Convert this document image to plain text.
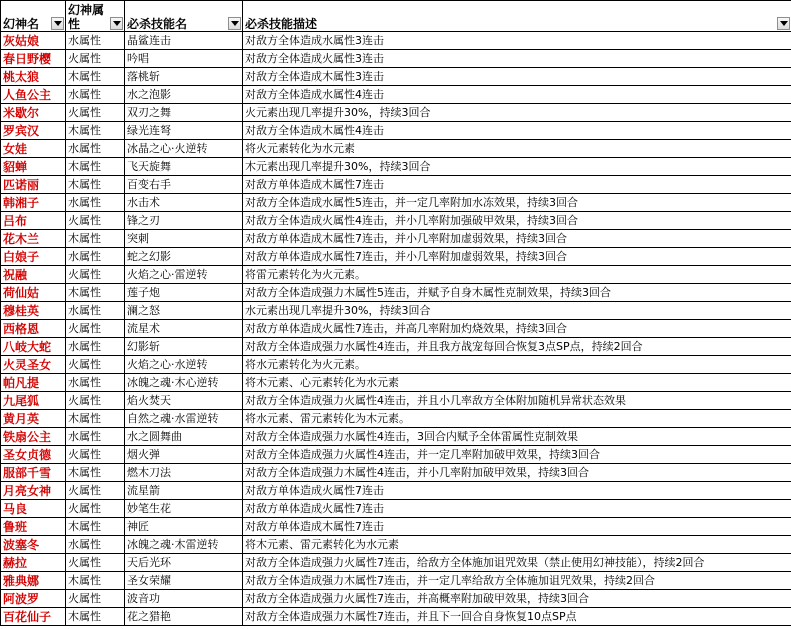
幻神名	幻神属性	必杀技能名	必杀技能描述

灰姑娘	水属性	晶鲨连击	对敌方全体造成水属性3连击
春日野樱	火属性	吟唱	对敌方全体造成火属性3连击
桃太狼	木属性	落桃斩	对敌方全体造成木属性3连击
人鱼公主	水属性	水之泡影	对敌方全体造成水属性4连击
米歇尔	火属性	双刃之舞	火元素出现几率提升30%，持续3回合
罗宾汉	木属性	绿光连弩	对敌方全体造成木属性4连击
女娃	水属性	冰晶之心·火逆转	将火元素转化为水元素
貂蝉	木属性	飞天旋舞	木元素出现几率提升30%，持续3回合
匹诺丽	木属性	百变右手	对敌方单体造成木属性7连击
韩湘子	水属性	水击术	对敌方全体造成水属性5连击，并一定几率附加水冻效果，持续3回合
吕布	火属性	锋之刃	对敌方全体造成火属性4连击，并小几率附加强破甲效果，持续3回合
花木兰	木属性	突刺	对敌方单体造成木属性7连击，并小几率附加虚弱效果，持续3回合
白娘子	水属性	蛇之幻影	对敌方单体造成水属性7连击，并小几率附加虚弱效果，持续3回合
祝融	火属性	火焰之心·雷逆转	将雷元素转化为火元素。
荷仙姑	木属性	莲子炮	对敌方全体造成强力木属性5连击，并赋予自身木属性克制效果，持续3回合
穆桂英	水属性	澜之怒	水元素出现几率提升30%，持续3回合
西格恩	火属性	流星术	对敌方单体造成火属性7连击，并高几率附加灼烧效果，持续3回合
八岐大蛇	水属性	幻影斩	对敌方全体造成强力水属性4连击，并且我方战宠每回合恢复3点SP点，持续2回合
火灵圣女	火属性	火焰之心·水逆转	将水元素转化为火元素。
帕凡提	水属性	冰魄之魂·木心逆转	将木元素、心元素转化为水元素
九尾狐	火属性	焰火焚天	对敌方全体造成强力火属性4连击，并且小几率敌方全体附加随机异常状态效果
黄月英	木属性	自然之魂·水雷逆转	将水元素、雷元素转化为木元素。
铁扇公主	水属性	水之圆舞曲	对敌方全体造成强力水属性4连击，3回合内赋予全体雷属性克制效果
圣女贞德	火属性	烟火弹	对敌方全体造成强力火属性4连击，并一定几率附加破甲效果，持续3回合
服部千雪	木属性	燃木刀法	对敌方全体造成强力木属性4连击，并小几率附加破甲效果，持续3回合
月亮女神	火属性	流星箭	对敌方单体造成火属性7连击
马良	火属性	妙笔生花	对敌方单体造成火属性7连击
鲁班	木属性	神匠	对敌方单体造成木属性7连击
波塞冬	水属性	冰魄之魂·木雷逆转	将木元素、雷元素转化为水元素
赫拉	火属性	天后光环	对敌方全体造成强力火属性7连击，给敌方全体施加诅咒效果（禁止使用幻神技能），持续2回合
雅典娜	木属性	圣女荣耀	对敌方全体造成强力木属性7连击，并一定几率给敌方全体施加诅咒效果，持续2回合
阿波罗	火属性	波音功	对敌方全体造成强力火属性7连击，并高概率附加破甲效果，持续3回合
百花仙子	木属性	花之猎艳	对敌方全体造成强力木属性7连击，并且下一回合自身恢复10点SP点
